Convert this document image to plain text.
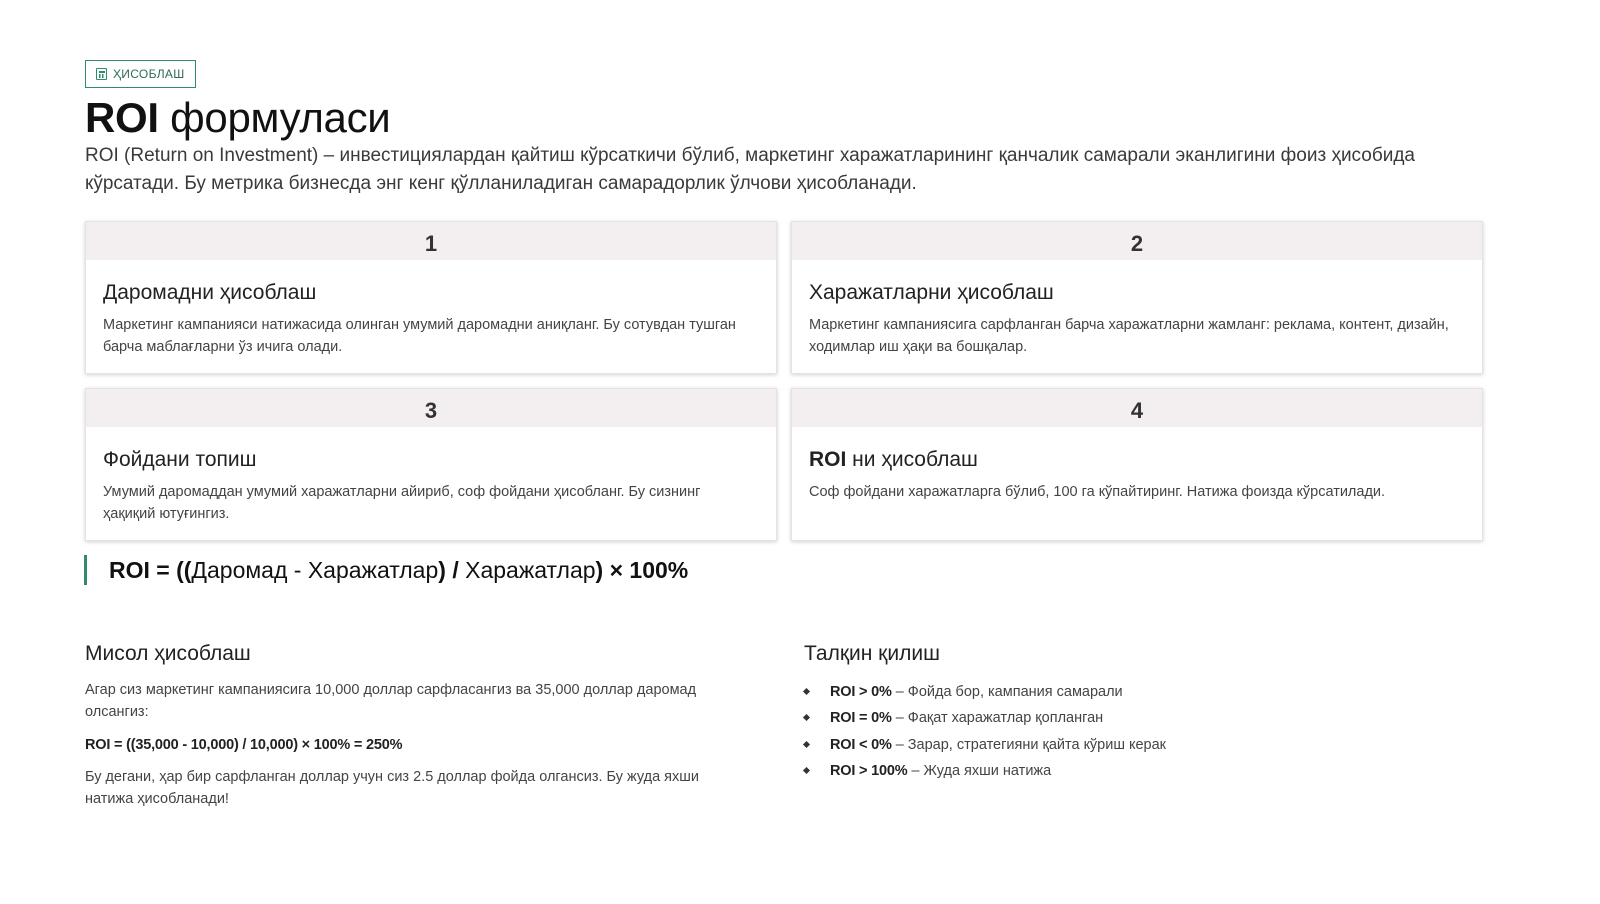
ҲИСОБЛАШ
ROI формуласи
ROI (Return on Investment) – инвестициялардан қайтиш кўрсаткичи бўлиб, маркетинг харажатларининг қанчалик самарали эканлигини фоиз ҳисобида кўрсатади. Бу метрика бизнесда энг кенг қўлланиладиган самарадорлик ўлчови ҳисобланади.
1
Даромадни ҳисоблаш
Маркетинг кампанияси натижасида олинган умумий даромадни аниқланг. Бу сотувдан тушган барча маблағларни ўз ичига олади.
2
Харажатларни ҳисоблаш
Маркетинг кампаниясига сарфланган барча харажатларни жамланг: реклама, контент, дизайн, ходимлар иш ҳақи ва бошқалар.
3
Фойдани топиш
Умумий даромаддан умумий харажатларни айириб, соф фойдани ҳисобланг. Бу сизнинг ҳақиқий ютуғингиз.
4
ROI ни ҳисоблаш
Соф фойдани харажатларга бўлиб, 100 га кўпайтиринг. Натижа фоизда кўрсатилади.
ROI = ((Даромад - Харажатлар) / Харажатлар) × 100%
Мисол ҳисоблаш

Агар сиз маркетинг кампаниясига 10,000 доллар сарфласангиз ва 35,000 доллар даромад олсангиз:

ROI = ((35,000 - 10,000) / 10,000) × 100% = 250%

Бу дегани, ҳар бир сарфланган доллар учун сиз 2.5 доллар фойда олгансиз. Бу жуда яхши натижа ҳисобланади!

Талқин қилиш
ROI > 0% – Фойда бор, кампания самарали
ROI = 0% – Фақат харажатлар қопланган
ROI < 0% – Зарар, стратегияни қайта кўриш керак
ROI > 100% – Жуда яхши натижа
